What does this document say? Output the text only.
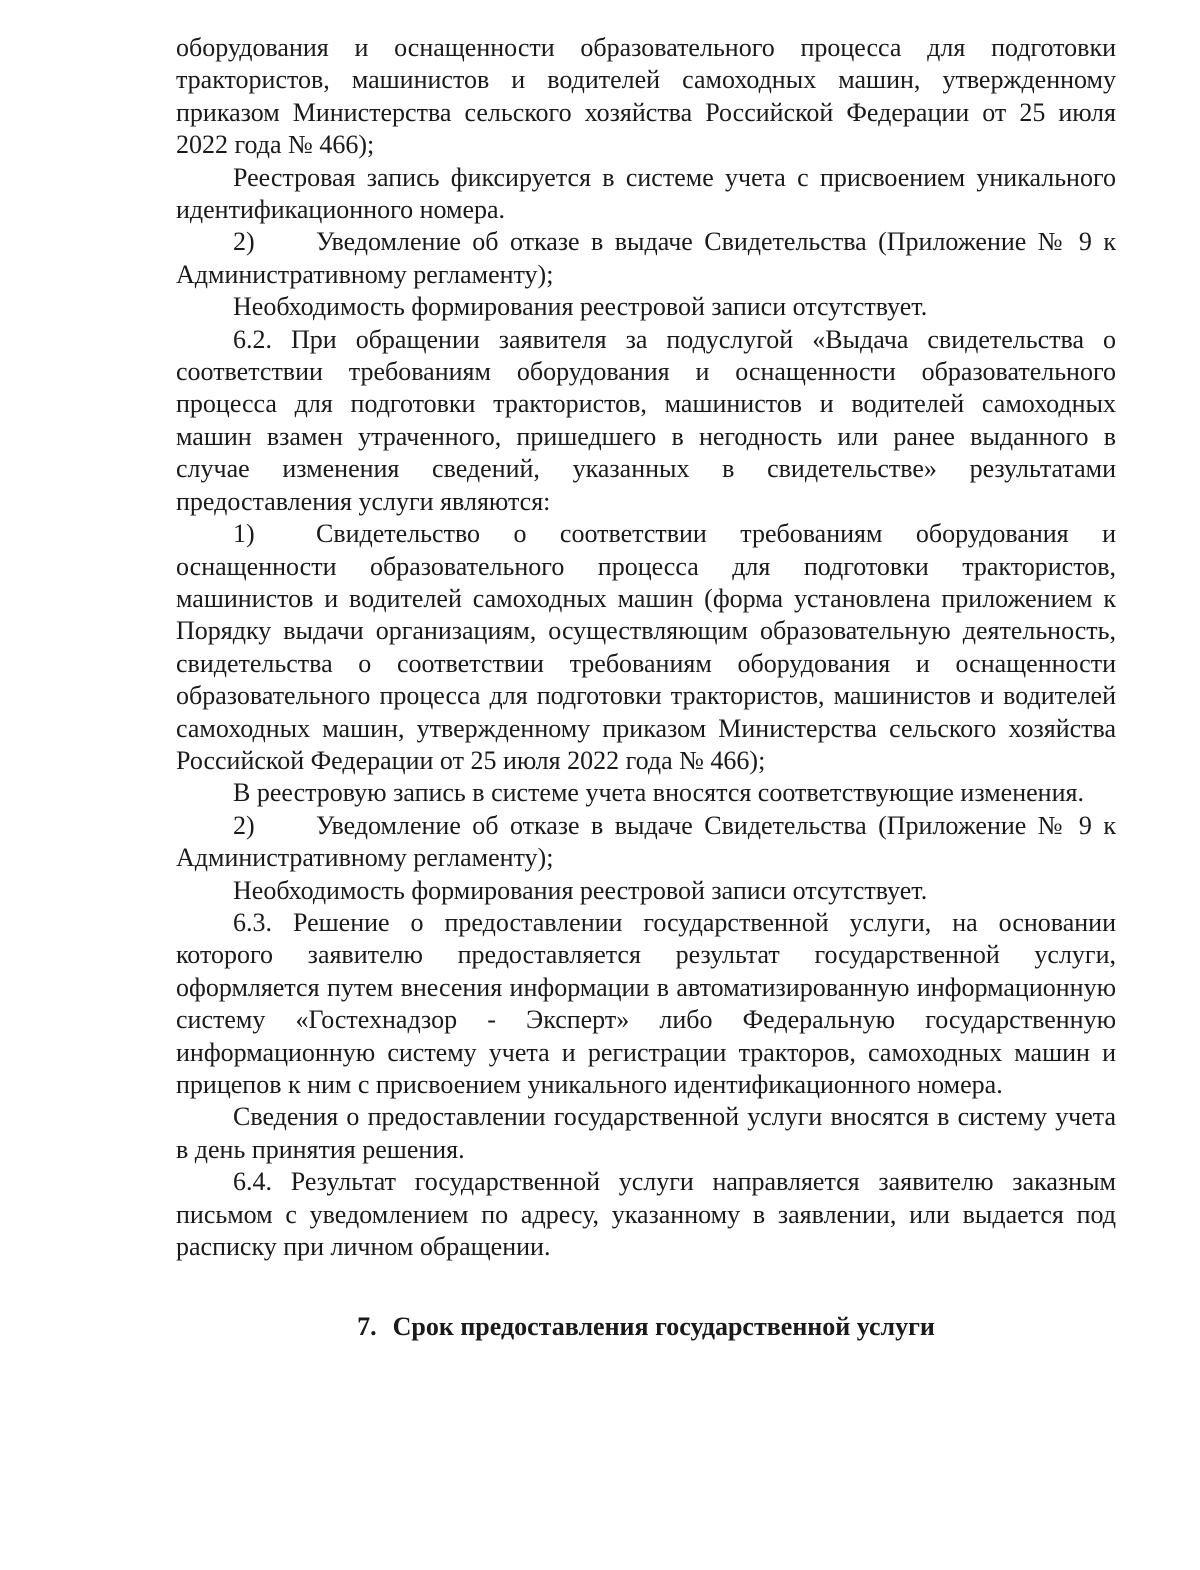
оборудования и оснащенности образовательного процесса для подготовки трактористов, машинистов и водителей самоходных машин, утвержденному приказом Министерства сельского хозяйства Российской Федерации от 25 июля 2022 года № 466);

Реестровая запись фиксируется в системе учета с присвоением уникального идентификационного номера.

2) Уведомление об отказе в выдаче Свидетельства (Приложение № 9 к Административному регламенту);

Необходимость формирования реестровой записи отсутствует.

6.2. При обращении заявителя за подуслугой «Выдача свидетельства о соответствии требованиям оборудования и оснащенности образовательного процесса для подготовки трактористов, машинистов и водителей самоходных машин взамен утраченного, пришедшего в негодность или ранее выданного в случае изменения сведений, указанных в свидетельстве» результатами предоставления услуги являются:

1) Свидетельство о соответствии требованиям оборудования и оснащенности образовательного процесса для подготовки трактористов, машинистов и водителей самоходных машин (форма установлена приложением к Порядку выдачи организациям, осуществляющим образовательную деятельность, свидетельства о соответствии требованиям оборудования и оснащенности образовательного процесса для подготовки трактористов, машинистов и водителей самоходных машин, утвержденному приказом Министерства сельского хозяйства Российской Федерации от 25 июля 2022 года № 466);

В реестровую запись в системе учета вносятся соответствующие изменения.

2) Уведомление об отказе в выдаче Свидетельства (Приложение № 9 к Административному регламенту);

Необходимость формирования реестровой записи отсутствует.

6.3. Решение о предоставлении государственной услуги, на основании которого заявителю предоставляется результат государственной услуги, оформляется путем внесения информации в автоматизированную информационную систему «Гостехнадзор - Эксперт» либо Федеральную государственную информационную систему учета и регистрации тракторов, самоходных машин и прицепов к ним с присвоением уникального идентификационного номера.

Сведения о предоставлении государственной услуги вносятся в систему учета в день принятия решения.

6.4. Результат государственной услуги направляется заявителю заказным письмом с уведомлением по адресу, указанному в заявлении, или выдается под расписку при личном обращении.

7. Срок предоставления государственной услуги
